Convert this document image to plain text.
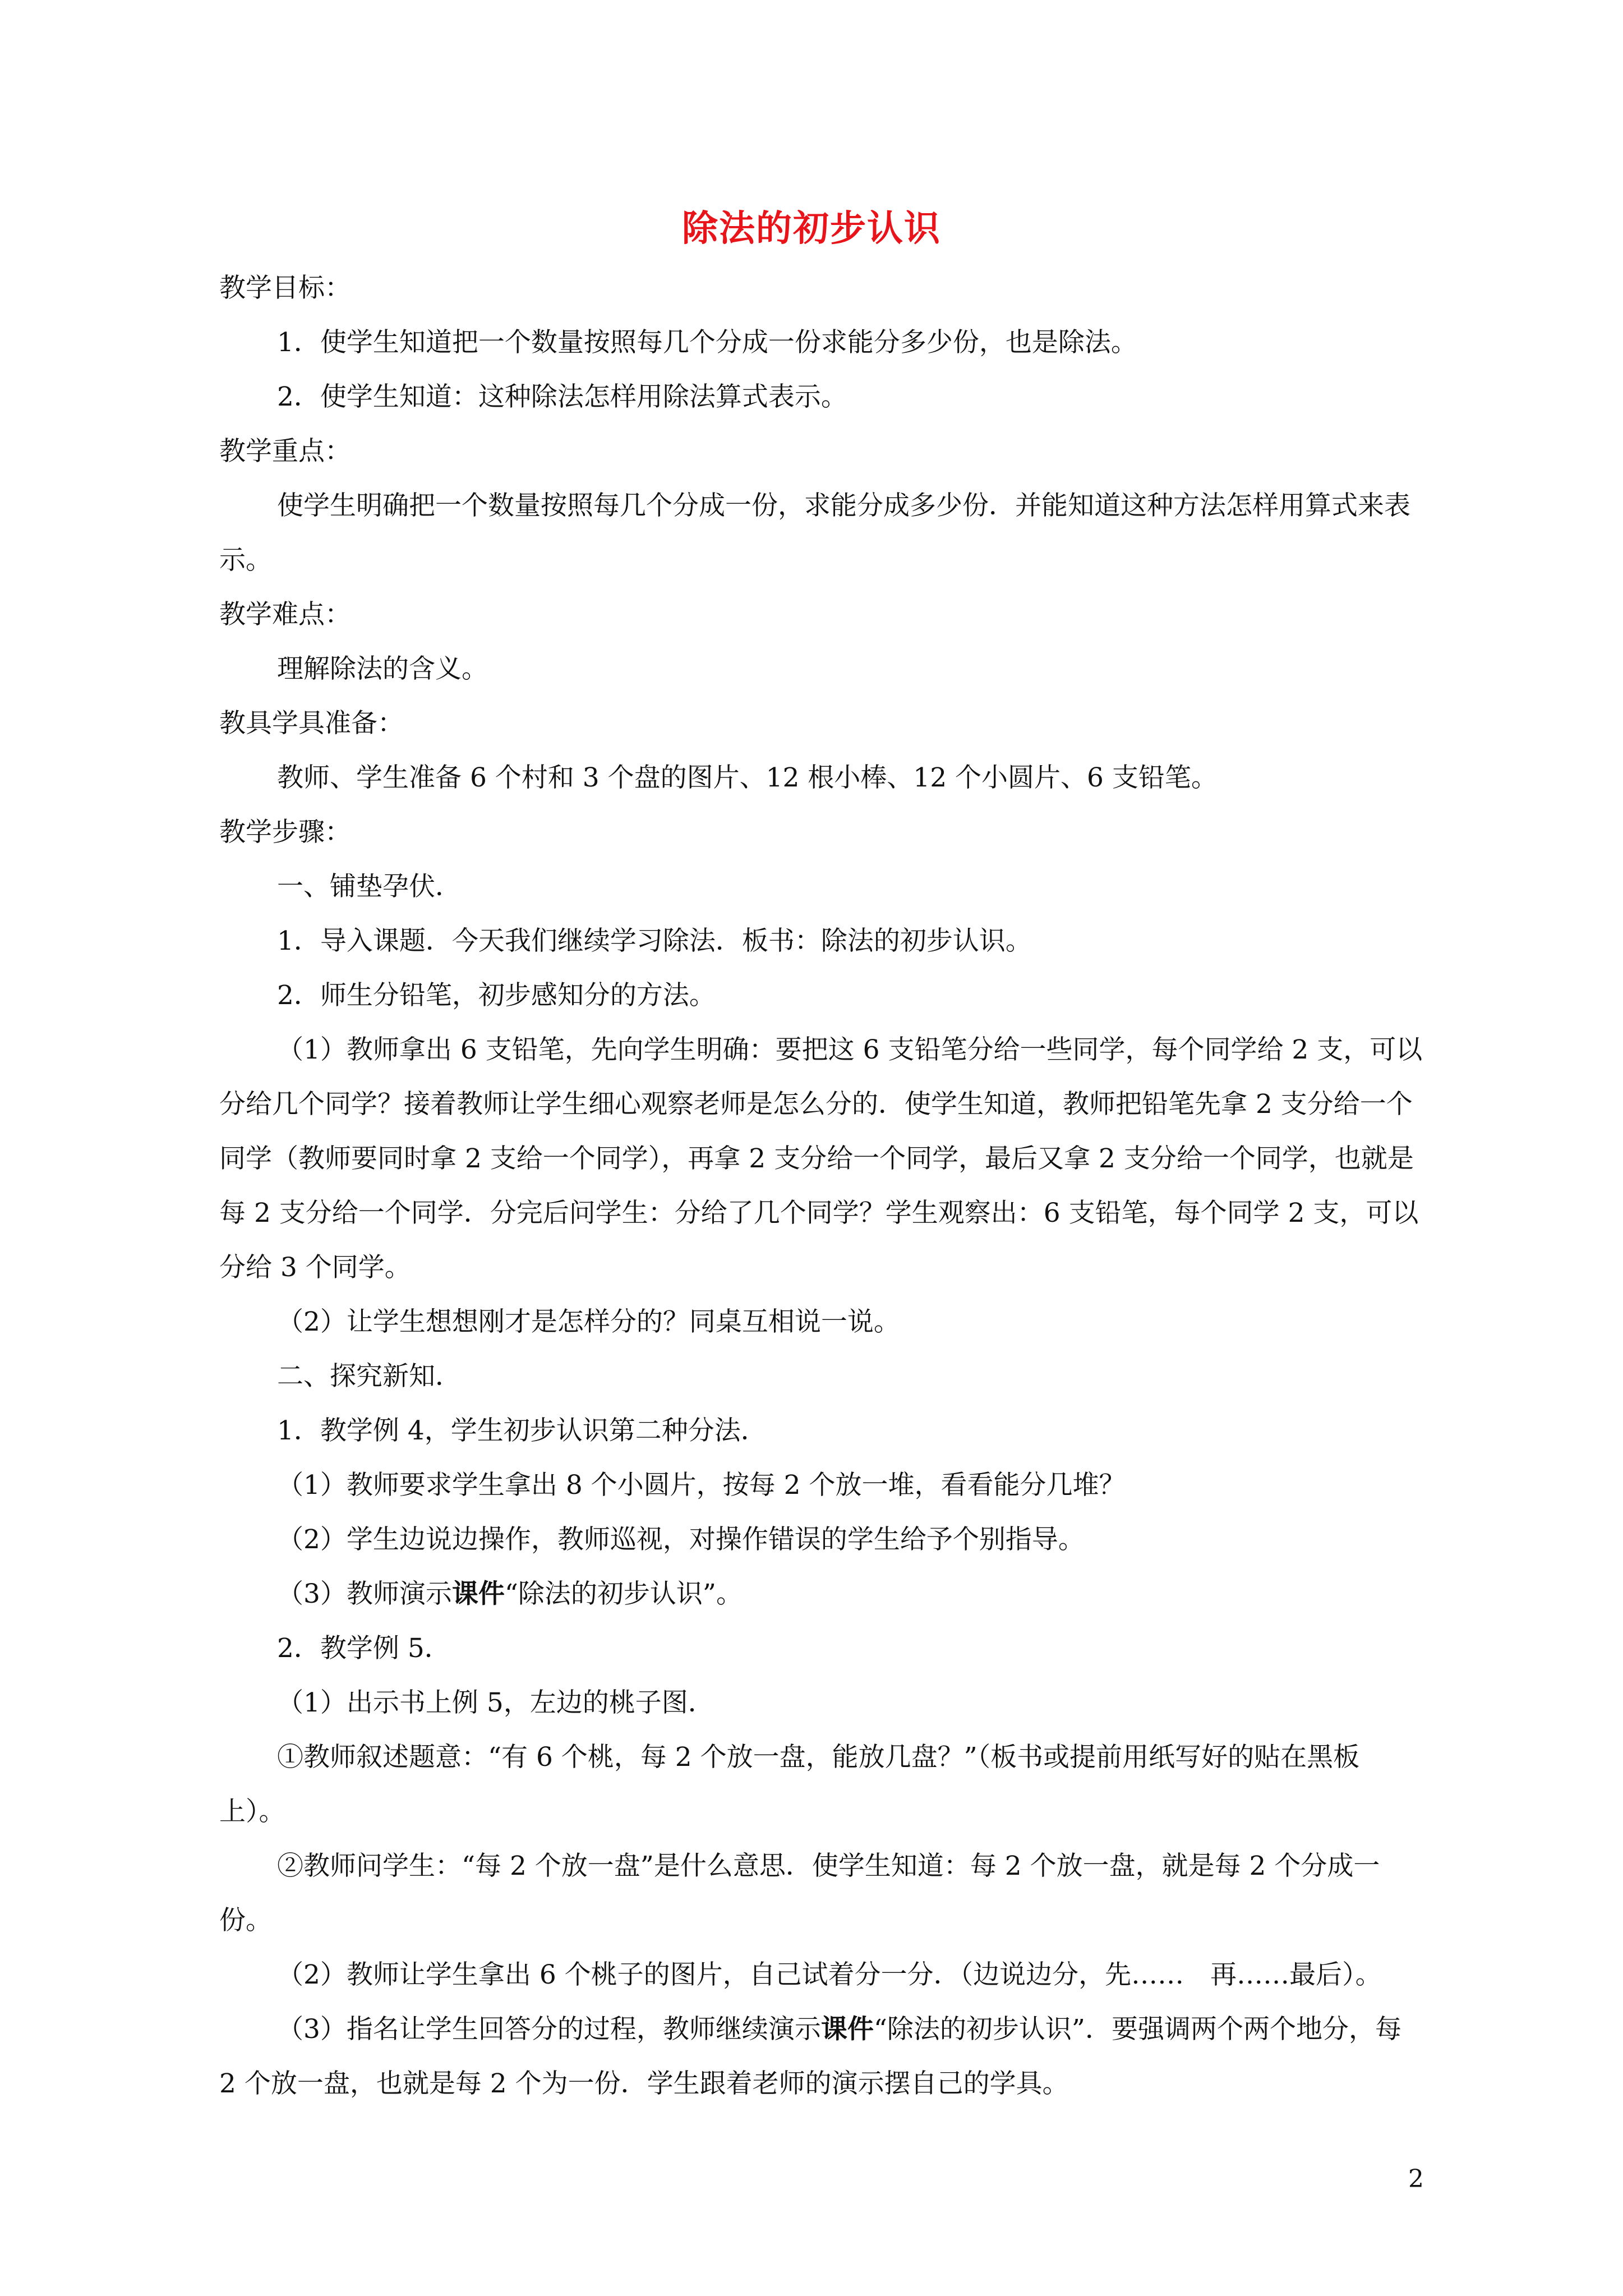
除法的初步认识

教学目标：

1．使学生知道把一个数量按照每几个分成一份求能分多少份，也是除法。

2．使学生知道：这种除法怎样用除法算式表示。

教学重点：

使学生明确把一个数量按照每几个分成一份，求能分成多少份．并能知道这种方法怎样用算式来表示。

教学难点：

理解除法的含义。

教具学具准备：

教师、学生准备 6 个村和 3 个盘的图片、12 根小棒、12 个小圆片、6 支铅笔。

教学步骤：

一、铺垫孕伏．

1．导入课题．今天我们继续学习除法．板书：除法的初步认识。

2．师生分铅笔，初步感知分的方法。

（1）教师拿出 6 支铅笔，先向学生明确：要把这 6 支铅笔分给一些同学，每个同学给 2 支，可以分给几个同学？接着教师让学生细心观察老师是怎么分的．使学生知道，教师把铅笔先拿 2 支分给一个同学（教师要同时拿 2 支给一个同学），再拿 2 支分给一个同学，最后又拿 2 支分给一个同学，也就是每 2 支分给一个同学．分完后问学生：分给了几个同学？学生观察出：6 支铅笔，每个同学 2 支，可以分给 3 个同学。

（2）让学生想想刚才是怎样分的？同桌互相说一说。

二、探究新知．

1．教学例 4，学生初步认识第二种分法．

（1）教师要求学生拿出 8 个小圆片，按每 2 个放一堆，看看能分几堆？

（2）学生边说边操作，教师巡视，对操作错误的学生给予个别指导。

（3）教师演示课件“除法的初步认识”。

2．教学例 5．

（1）出示书上例 5，左边的桃子图．

①教师叙述题意：“有 6 个桃，每 2 个放一盘，能放几盘？”（板书或提前用纸写好的贴在黑板上）。

②教师问学生：“每 2 个放一盘”是什么意思．使学生知道：每 2 个放一盘，就是每 2 个分成一份。

（2）教师让学生拿出 6 个桃子的图片，自己试着分一分．（边说边分，先……　再……最后）。

（3）指名让学生回答分的过程，教师继续演示课件“除法的初步认识”．要强调两个两个地分，每 2 个放一盘，也就是每 2 个为一份．学生跟着老师的演示摆自己的学具。

2
